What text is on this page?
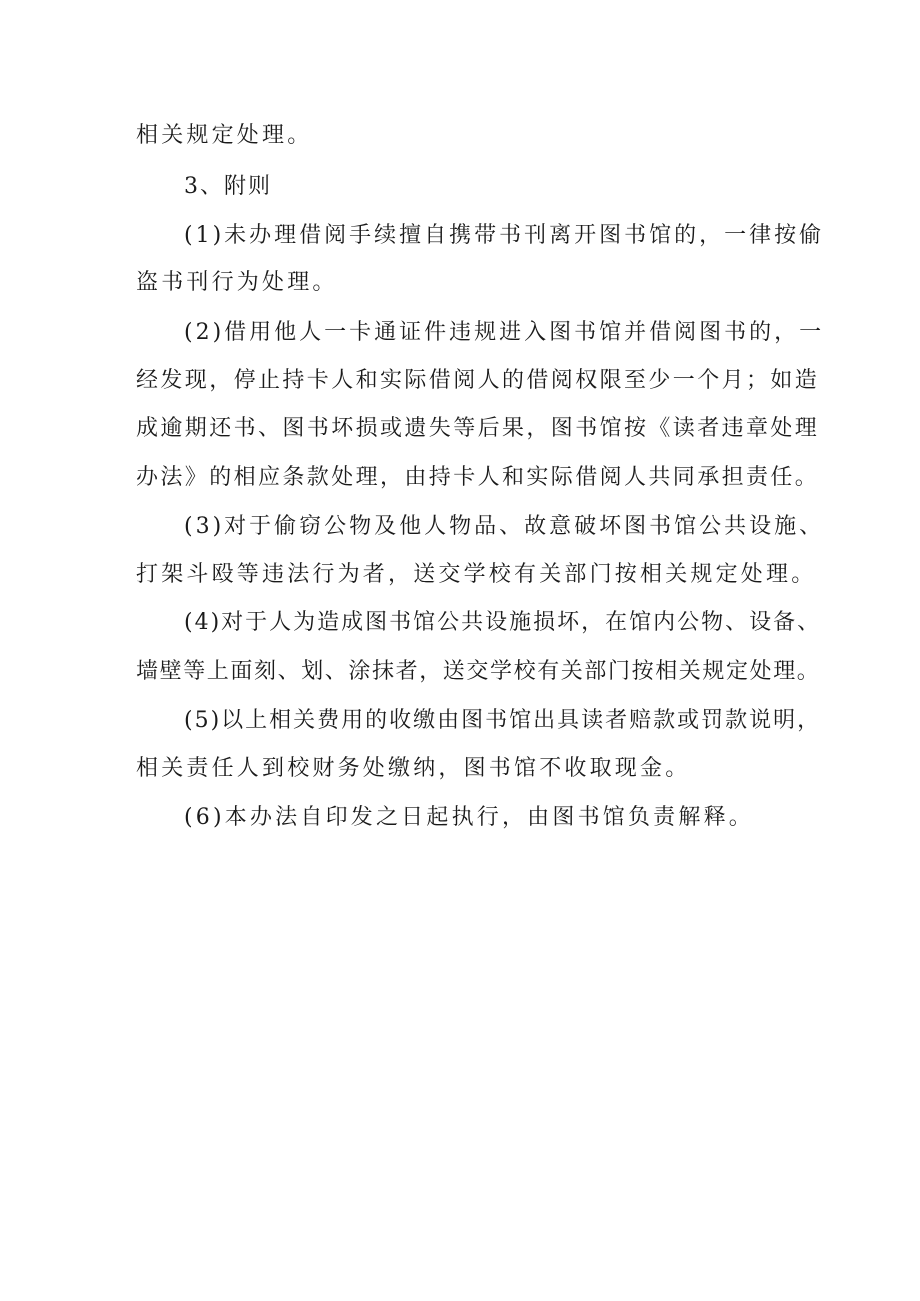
相关规定处理。
3、附则
(1)未办理借阅手续擅自携带书刊离开图书馆的，一律按偷
盗书刊行为处理。
(2)借用他人一卡通证件违规进入图书馆并借阅图书的，一
经发现，停止持卡人和实际借阅人的借阅权限至少一个月；如造
成逾期还书、图书坏损或遗失等后果，图书馆按《读者违章处理
办法》的相应条款处理，由持卡人和实际借阅人共同承担责任。
(3)对于偷窃公物及他人物品、故意破坏图书馆公共设施、
打架斗殴等违法行为者，送交学校有关部门按相关规定处理。
(4)对于人为造成图书馆公共设施损坏，在馆内公物、设备、
墙壁等上面刻、划、涂抹者，送交学校有关部门按相关规定处理。
(5)以上相关费用的收缴由图书馆出具读者赔款或罚款说明，
相关责任人到校财务处缴纳，图书馆不收取现金。
(6)本办法自印发之日起执行，由图书馆负责解释。
